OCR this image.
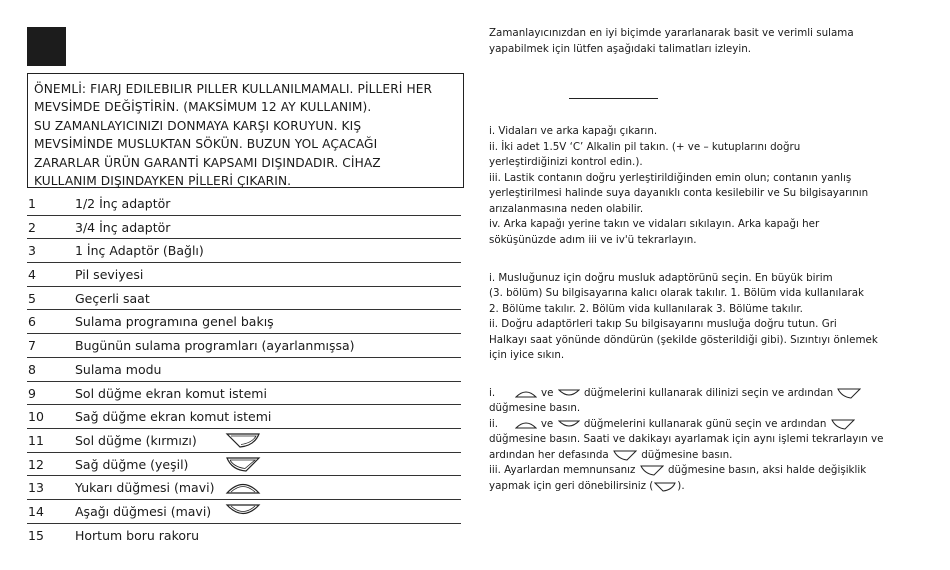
ÖNEMLİ: FIARJ EDILEBILIR PILLER KULLANILMAMALI. PİLLERİ HER
MEVSİMDE DEĞİŞTİRİN. (MAKSİMUM 12 AY KULLANIM).
SU ZAMANLAYICINIZI DONMAYA KARŞI KORUYUN. KIŞ
MEVSİMİNDE MUSLUKTAN SÖKÜN. BUZUN YOL AÇACAĞI
ZARARLAR ÜRÜN GARANTİ KAPSAMI DIŞINDADIR. CİHAZ
KULLANIM DIŞINDAYKEN PİLLERİ ÇIKARIN.
1	1/2 İnç adaptör
2	3/4 İnç adaptör
3	1 İnç Adaptör (Bağlı)
4	Pil seviyesi
5	Geçerli saat
6	Sulama programına genel bakış
7	Bugünün sulama programları (ayarlanmışsa)
8	Sulama modu
9	Sol düğme ekran komut istemi
10 Sağ düğme ekran komut istemi
11 Sol düğme (kırmızı)
12 Sağ düğme (yeşil)
13 Yukarı düğmesi (mavi)
14 Aşağı düğmesi (mavi)
15 Hortum boru rakoru
Zamanlayıcınızdan en iyi biçimde yararlanarak basit ve verimli sulama
yapabilmek için lütfen aşağıdaki talimatları izleyin.
i. Vidaları ve arka kapağı çıkarın.
ii. İki adet 1.5V ‘C’ Alkalin pil takın. (+ ve – kutuplarını doğru
yerleştirdiğinizi kontrol edin.).
iii. Lastik contanın doğru yerleştirildiğinden emin olun; contanın yanlış
yerleştirilmesi halinde suya dayanıklı conta kesilebilir ve Su bilgisayarının
arızalanmasına neden olabilir.
iv. Arka kapağı yerine takın ve vidaları sıkılayın. Arka kapağı her
söküşünüzde adım iii ve iv'ü tekrarlayın.
i. Musluğunuz için doğru musluk adaptörünü seçin. En büyük birim
(3. bölüm) Su bilgisayarına kalıcı olarak takılır. 1. Bölüm vida kullanılarak
2. Bölüme takılır. 2. Bölüm vida kullanılarak 3. Bölüme takılır.
ii. Doğru adaptörleri takıp Su bilgisayarını musluğa doğru tutun. Gri
Halkayı saat yönünde döndürün (şekilde gösterildiği gibi). Sızıntıyı önlemek
için iyice sıkın.
i.	ve	düğmelerini kullanarak dilinizi seçin ve ardından
düğmesine basın.
ii.	ve	düğmelerini kullanarak günü seçin ve ardından
düğmesine basın. Saati ve dakikayı ayarlamak için aynı işlemi tekrarlayın ve
ardından her defasında	düğmesine basın.
iii. Ayarlardan memnunsanız	düğmesine basın, aksi halde değişiklik
yapmak için geri dönebilirsiniz ( ).
